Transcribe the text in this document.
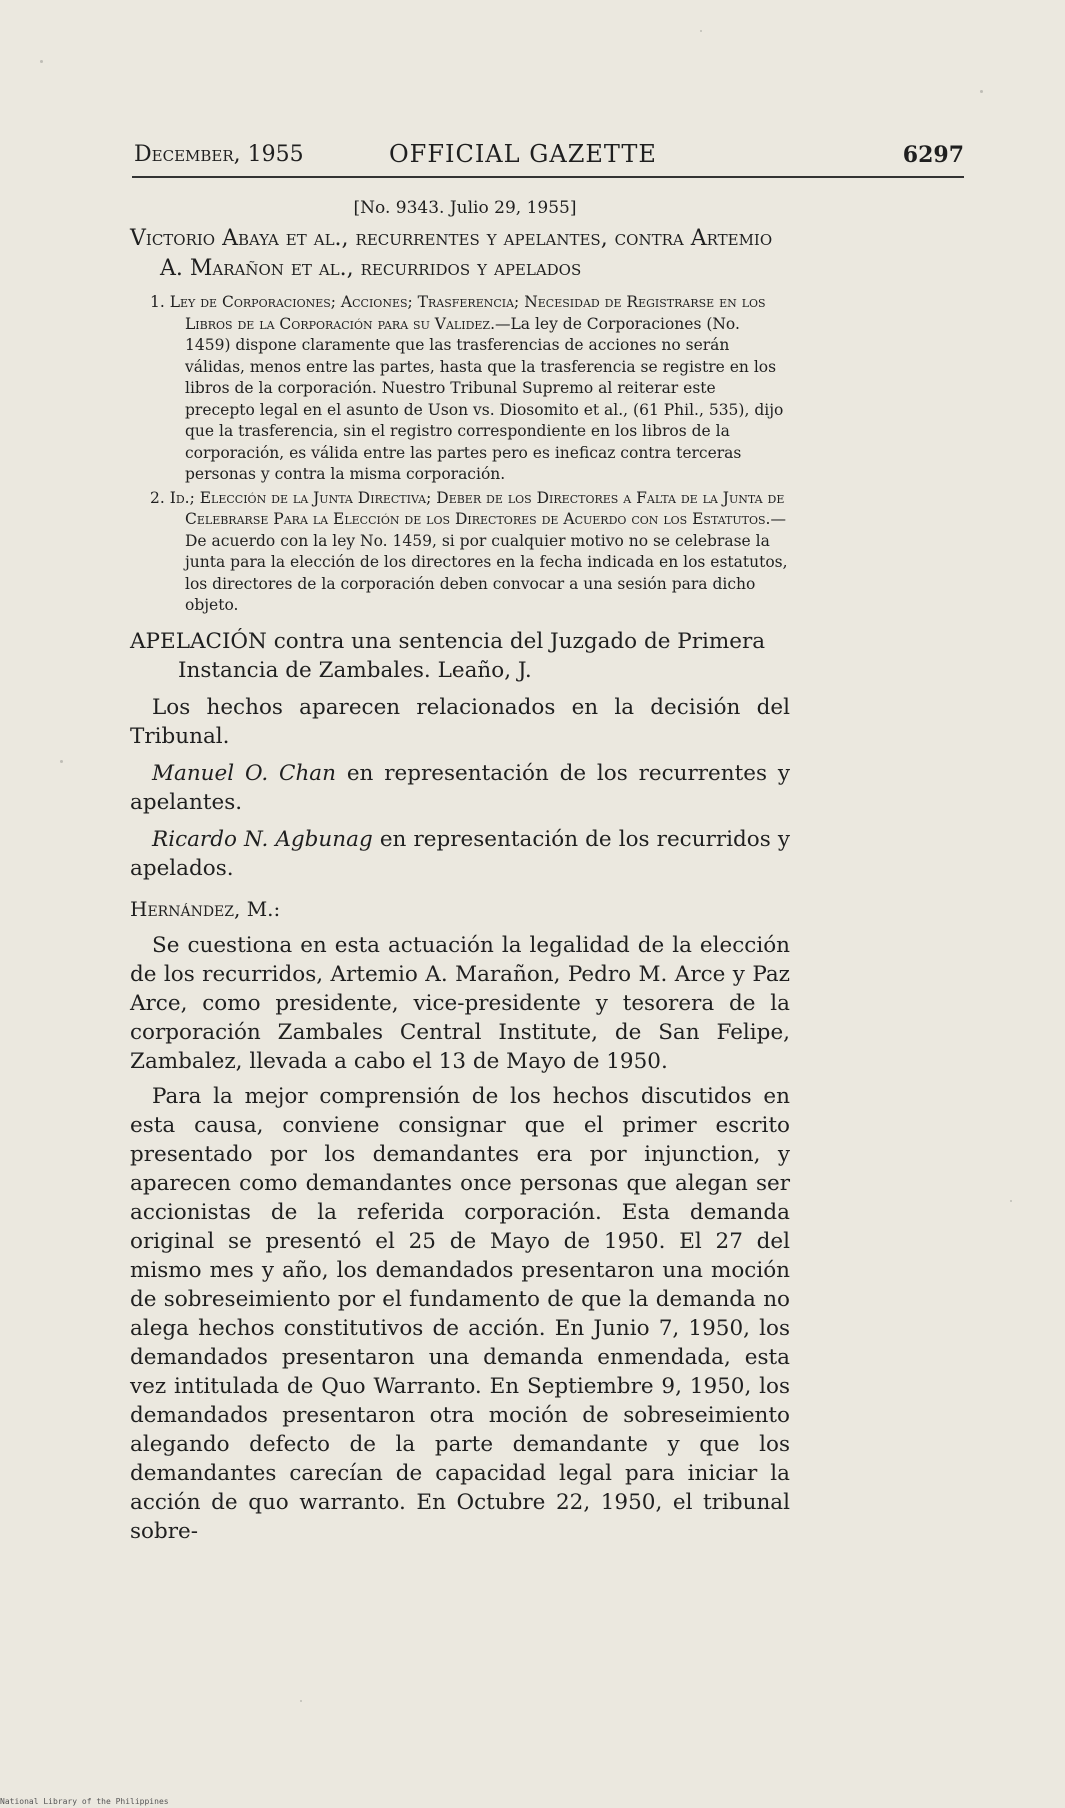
December, 1955	OFFICIAL GAZETTE	6297
[No. 9343. Julio 29, 1955]
Victorio Abaya et al., recurrentes y apelantes, contra Artemio A. Marañon et al., recurridos y apelados
1. Ley de Corporaciones; Acciones; Trasferencia; Necesidad de Registrarse en los Libros de la Corporación para su Validez.—La ley de Corporaciones (No. 1459) dispone claramente que las trasferencias de acciones no serán válidas, menos entre las partes, hasta que la trasferencia se registre en los libros de la corporación. Nuestro Tribunal Supremo al reiterar este precepto legal en el asunto de Uson vs. Diosomito et al., (61 Phil., 535), dijo que la trasferencia, sin el registro correspondiente en los libros de la corporación, es válida entre las partes pero es ineficaz contra terceras personas y contra la misma corporación.
2. Id.; Elección de la Junta Directiva; Deber de los Directores a Falta de la Junta de Celebrarse Para la Elección de los Directores de Acuerdo con los Estatutos.—De acuerdo con la ley No. 1459, si por cualquier motivo no se celebrase la junta para la elección de los directores en la fecha indicada en los estatutos, los directores de la corporación deben convocar a una sesión para dicho objeto.

APELACIÓN contra una sentencia del Juzgado de Primera Instancia de Zambales. Leaño, J.

Los hechos aparecen relacionados en la decisión del Tribunal.

Manuel O. Chan en representación de los recurrentes y apelantes.

Ricardo N. Agbunag en representación de los recurridos y apelados.

Hernández, M.:

Se cuestiona en esta actuación la legalidad de la elección de los recurridos, Artemio A. Marañon, Pedro M. Arce y Paz Arce, como presidente, vice-presidente y tesorera de la corporación Zambales Central Institute, de San Felipe, Zambalez, llevada a cabo el 13 de Mayo de 1950.

Para la mejor comprensión de los hechos discutidos en esta causa, conviene consignar que el primer escrito presentado por los demandantes era por injunction, y aparecen como demandantes once personas que alegan ser accionistas de la referida corporación. Esta demanda original se presentó el 25 de Mayo de 1950. El 27 del mismo mes y año, los demandados presentaron una moción de sobreseimiento por el fundamento de que la demanda no alega hechos constitutivos de acción. En Junio 7, 1950, los demandados presentaron una demanda enmendada, esta vez intitulada de Quo Warranto. En Septiembre 9, 1950, los demandados presentaron otra moción de sobreseimiento alegando defecto de la parte demandante y que los demandantes carecían de capacidad legal para iniciar la acción de quo warranto. En Octubre 22, 1950, el tribunal sobre-

National Library of the Philippines
